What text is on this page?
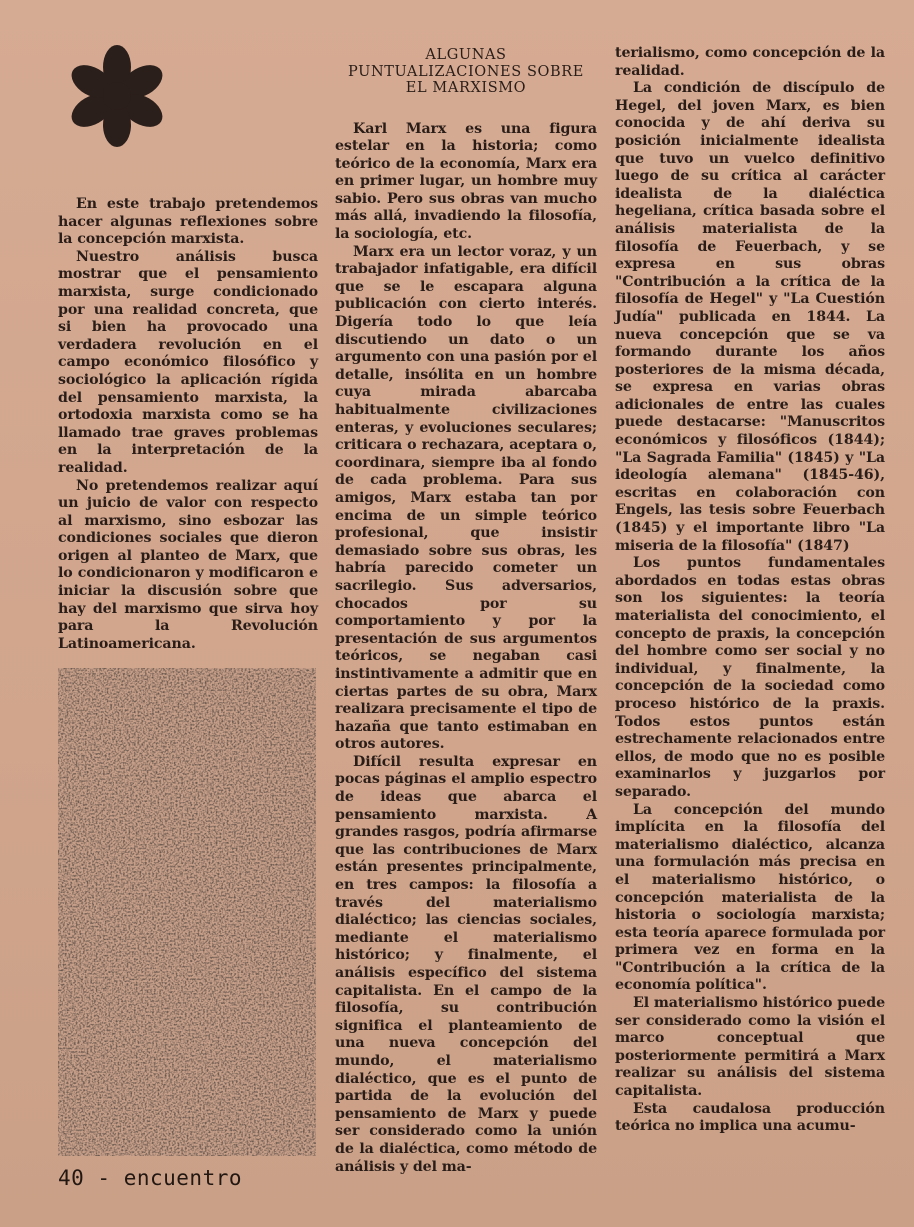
En este trabajo pretendemos hacer algunas reflexiones sobre la concepción marxista.

Nuestro análisis busca mostrar que el pensamiento marxista, surge condicionado por una realidad concreta, que si bien ha provocado una verdadera revolución en el campo económico filosófico y sociológico la aplicación rígida del pensamiento marxista, la ortodoxia marxista como se ha llamado trae graves problemas en la interpretación de la realidad.

No pretendemos realizar aquí un juicio de valor con respecto al marxismo, sino esbozar las condiciones sociales que dieron origen al planteo de Marx, que lo condicionaron y modificaron e iniciar la discusión sobre que hay del marxismo que sirva hoy para la Revolución Latinoamericana.

ALGUNAS
PUNTUALIZACIONES SOBRE
EL MARXISMO

Karl Marx es una figura estelar en la historia; como teórico de la economía, Marx era en primer lugar, un hombre muy sabio. Pero sus obras van mucho más allá, invadiendo la filosofía, la sociología, etc.

Marx era un lector voraz, y un trabajador infatigable, era difícil que se le escapara alguna publicación con cierto interés. Digería todo lo que leía discutiendo un dato o un argumento con una pasión por el detalle, insólita en un hombre cuya mirada abarcaba habitualmente civilizaciones enteras, y evoluciones seculares; criticara o rechazara, aceptara o, coordinara, siempre iba al fondo de cada problema. Para sus amigos, Marx estaba tan por encima de un simple teórico profesional, que insistir demasiado sobre sus obras, les habría parecido cometer un sacrilegio. Sus adversarios, chocados por su comportamiento y por la presentación de sus argumentos teóricos, se negaban casi instintivamente a admitir que en ciertas partes de su obra, Marx realizara precisamente el tipo de hazaña que tanto estimaban en otros autores.

Difícil resulta expresar en pocas páginas el amplio espectro de ideas que abarca el pensamiento marxista. A grandes rasgos, podría afirmarse que las contribuciones de Marx están presentes principalmente, en tres campos: la filosofía a través del materialismo dialéctico; las ciencias sociales, mediante el materialismo histórico; y finalmente, el análisis específico del sistema capitalista. En el campo de la filosofía, su contribución significa el planteamiento de una nueva concepción del mundo, el materialismo dialéctico, que es el punto de partida de la evolución del pensamiento de Marx y puede ser considerado como la unión de la dialéctica, como método de análisis y del ma-

terialismo, como concepción de la realidad.

La condición de discípulo de Hegel, del joven Marx, es bien conocida y de ahí deriva su posición inicialmente idealista que tuvo un vuelco definitivo luego de su crítica al carácter idealista de la dialéctica hegeliana, crítica basada sobre el análisis materialista de la filosofía de Feuerbach, y se expresa en sus obras "Contribución a la crítica de la filosofía de Hegel" y "La Cuestión Judía" publicada en 1844. La nueva concepción que se va formando durante los años posteriores de la misma década, se expresa en varias obras adicionales de entre las cuales puede destacarse: "Manuscritos económicos y filosóficos (1844); "La Sagrada Familia" (1845) y "La ideología alemana" (1845-46), escritas en colaboración con Engels, las tesis sobre Feuerbach (1845) y el importante libro "La miseria de la filosofía" (1847)

Los puntos fundamentales abordados en todas estas obras son los siguientes: la teoría materialista del conocimiento, el concepto de praxis, la concepción del hombre como ser social y no individual, y finalmente, la concepción de la sociedad como proceso histórico de la praxis. Todos estos puntos están estrechamente relacionados entre ellos, de modo que no es posible examinarlos y juzgarlos por separado.

La concepción del mundo implícita en la filosofía del materialismo dialéctico, alcanza una formulación más precisa en el materialismo histórico, o concepción materialista de la historia o sociología marxista; esta teoría aparece formulada por primera vez en forma en la "Contribución a la crítica de la economía política".

El materialismo histórico puede ser considerado como la visión el marco conceptual que posteriormente permitirá a Marx realizar su análisis del sistema capitalista.

Esta caudalosa producción teórica no implica una acumu-

40 - encuentro
